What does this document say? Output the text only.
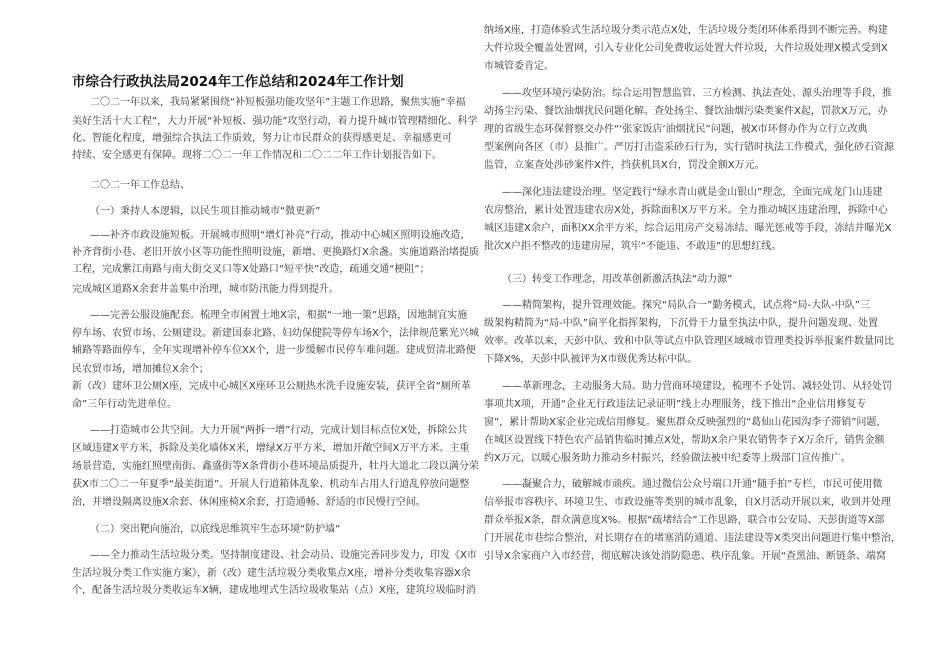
市综合行政执法局2024年工作总结和2024年工作计划
二〇二一年以来，我局紧紧围绕“补短板强功能攻坚年”主题工作思路，聚焦实施“幸福
美好生活十大工程”，大力开展“补短板、强功能”攻坚行动，着力提升城市管理精细化、科学
化、智能化程度，增强综合执法工作质效，努力让市民群众的获得感更足、幸福感更可
持续、安全感更有保障。现将二〇二一年工作情况和二〇二二年工作计划报告如下。
二〇二一年工作总结、
（一）秉持人本逻辑，以民生项目推动城市“微更新”
——补齐市政设施短板。开展城市照明“增灯补亮”行动，推动中心城区照明设施改造，
补齐背街小巷、老旧开放小区等功能性照明设施，新增、更换路灯X余盏。实施道路治堵提质
工程，完成紫江南路与南大街交叉口等X处路口“短平快”改造，疏通交通“梗阻”；
完成城区道路X余套井盖集中治理，城市防汛能力得到提升。
——完善公服设施配套。梳理全市闲置土地X宗，根据“一地一策”思路，因地制宜实施
停车场、农贸市场、公厕建设。新建国泰北路、妇幼保健院等停车场X个，法律规范紫光兴城
辅路等路面停车，全年实现增补停车位XX个，进一步缓解市民停车难问题。建成贸清北路便
民农贸市场，增加摊位X余个；
新（改）建环卫公厕X座，完成中心城区X座环卫公厕热水洗手设施安装，获评全省“厕所革
命”三年行动先进单位。
——打造城市公共空间。大力开展“两拆一增”行动，完成计划目标点位X处，拆除公共
区域违建X平方米，拆除及美化墙体X米，增绿X万平方米，增加开敞空间X万平方米。主重
场景营造，实施红照壁南街、鑫盛街等X条背街小巷环境品质提升，牡丹大道北二段以满分荣
获X市二〇二一年夏季“最美街道”。开展人行道箱体乱象、机动车占用人行道乱停放问题整
治，并增设隔离设施X余套、休闲座椅X余套，打造通畅、舒适的市民慢行空间。
（二）突出靶向施治，以底线思维筑牢生态环境“防护墙”
——全力推动生活垃圾分类。坚持制度建设、社会动员、设施完善同步发力，印发《X市
生活垃圾分类工作实施方案》，新（改）建生活垃圾分类收集点X座，增补分类收集容器X余
个，配备生活垃圾分类收运车X辆，建成地埋式生活垃圾收集站（点）X座，建筑垃圾临时消
纳场X座，打造体验式生活垃圾分类示范点X处，生活垃圾分类闭环体系得到不断完善。构建
大件垃圾全覆盖处置网，引入专业化公司免费收运处置大件垃圾，大件垃圾处理X模式受到X
市城管委肯定。
——攻坚环境污染防治。综合运用智慧监管、三方检测、执法查处、源头治理等手段，推
动扬尘污染、餐饮油烟扰民问题化解。查处扬尘、餐饮油烟污染类案件X起，罚款X万元，办
理的省级生态环保督察交办件“‘张家饭店’油烟扰民”问题，被X市环督办作为立行立改典
型案例向各区（市）县推广。严厉打击盗采砂石行为，实行错时执法工作模式，强化砂石资源
监管，立案查处涉砂案件X件，挡获机具X台，罚没金额X万元。
——深化违法建设治理。坚定践行“绿水青山就是金山银山”理念，全面完成龙门山违建
农房整治，累计处置违建农房X处，拆除面积X万平方米。全力推动城区违建治理，拆除中心
城区违建X余户，面积XX余平方米，综合运用房产交易冻结、曝光惩戒等手段，冻结并曝光X
批次X户拒不整改的违建房屋，筑牢“不能违、不敢违”的思想红线。
（三）转变工作理念，用改革创新激活执法“动力源”
——精简架构，提升管理效能。探究“局队合一”勤务模式，试点将“局-大队-中队”三
级架构精简为“局-中队”扁平化指挥架构，下沉骨干力量至执法中队，提升问题发现、处置
效率。改革以来，天彭中队、致和中队等试点中队管理区域城市管理类投诉举报案件数量同比
下降X%，天彭中队被评为X市级优秀达标中队。
——革新理念，主动服务大局。助力营商环境建设，梳理不予处罚、减轻处罚、从轻处罚
事项共X项，开通“企业无行政违法记录证明”线上办理服务，线下推出“企业信用修复专
窗”，累计帮助X家企业完成信用修复。聚焦群众反映强烈的“葛仙山花园沟李子滞销”问题，
在城区设置线下特色农产品销售临时摊点X处，帮助X余户果农销售李子X万余斤，销售金额
约X万元，以暖心服务助力推动乡村振兴，经验做法被中纪委等上级部门宣传推广。
——凝聚合力，破解城市顽疾。通过微信公众号端口开通“随手拍”专栏，市民可使用微
信举报市容秩序、环境卫生、市政设施等类别的城市乱象，自X月活动开展以来，收到并处理
群众举报X条，群众满意度X%。根据“疏堵结合”工作思路，联合市公安局、天彭街道等X部
门开展花市巷综合整治，对长期存在的堵塞消防通道、违法建设等X类突出问题进行集中整治，
引导X余家商户入市经营，彻底解决该处消防隐患、秩序乱象。开展“查黑油、断链条、端窝
